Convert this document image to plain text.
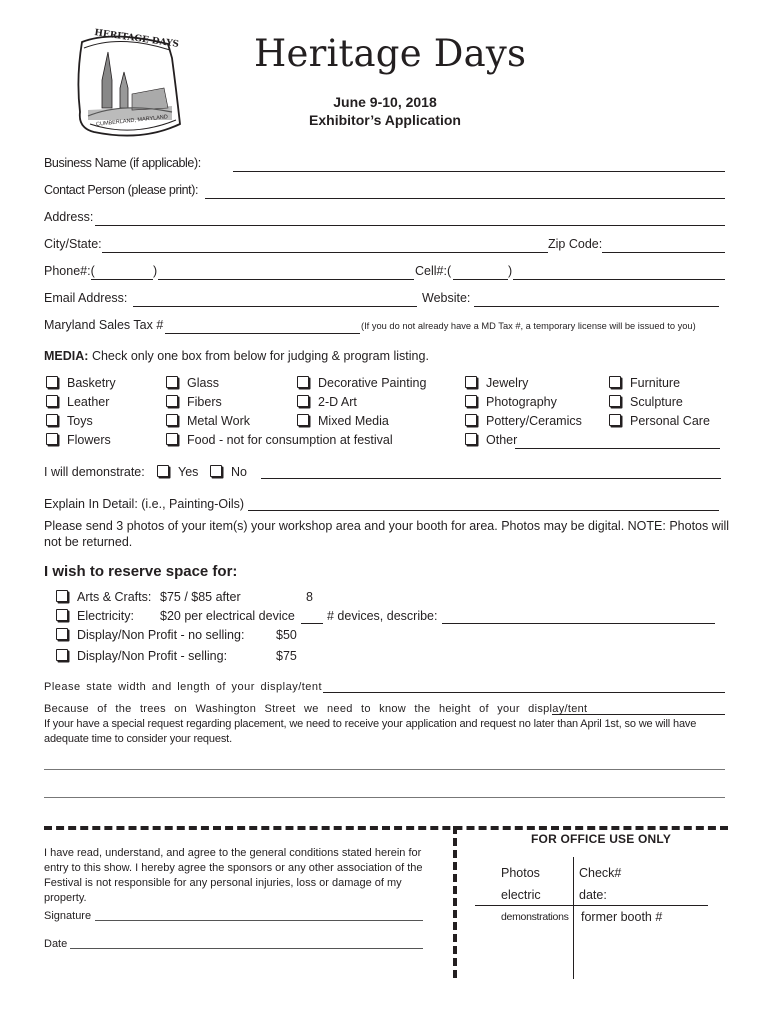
HERITAGE DAYS
CUMBERLAND, MARYLAND
Heritage Days
June 9-10, 2018
Exhibitor’s Application
Business Name (if applicable):
Contact Person (please print):
Address:
City/State:	Zip Code:
Phone#:(	)	Cell#:(	)
Email Address:	Website:
Maryland Sales Tax #	(If you do not already have a MD Tax #, a temporary license will be issued to you)
MEDIA: Check only one box from below for judging & program listing.
Basketry
Leather
Toys
Flowers
Glass
Fibers
Metal Work
Food - not for consumption at festival
Decorative Painting
2-D Art
Mixed Media
Jewelry
Photography
Pottery/Ceramics
Other
Furniture
Sculpture
Personal Care
I will demonstrate:	Yes	No
Explain In Detail: (i.e., Painting-Oils)
Please send 3 photos of your item(s) your workshop area and your booth for area. Photos may be digital. NOTE: Photos will not be returned.
I wish to reserve space for:
Arts & Crafts: $75 / $85 after	8
Electricity: $20 per electrical device	# devices, describe:
Display/Non Profit - no selling:	$50
Display/Non Profit - selling:	$75
Please state width and length of your display/tent
Because of the trees on Washington Street we need to know the height of your display/tent
If your have a special request regarding placement, we need to receive your application and request no later than April 1st, so we will have adequate time to consider your request.
I have read, understand, and agree to the general conditions stated herein for entry to this show. I hereby agree the sponsors or any other association of the Festival is not responsible for any personal injuries, loss or damage of my property.
Signature
Date
FOR OFFICE USE ONLY
Photos	Check#
electric	date:
demonstrations former booth #
